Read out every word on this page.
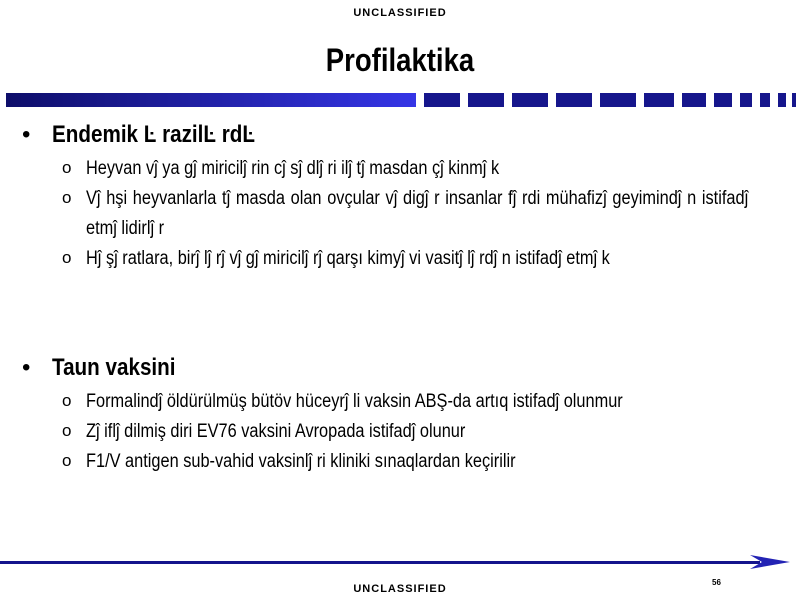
UNCLASSIFIED
Profilaktika
• Endemik Ŀ razilĿ rdĿ
o Heyvan vĵ ya gĵ miricilĵ rin cĵ sĵ dlĵ ri ilĵ tĵ masdan çĵ kinmĵ k
o Vĵ hşi heyvanlarla tĵ masda olan ovçular vĵ digĵ r insanlar fĵ rdi mühafizĵ geyimindĵ n istifadĵ etmĵ lidirlĵ r
o Hĵ şĵ ratlara, birĵ lĵ rĵ vĵ gĵ miricilĵ rĵ qarşı kimyĵ vi vasitĵ lĵ rdĵ n istifadĵ etmĵ k
• Taun vaksini
o Formalindĵ öldürülmüş bütöv hüceyrĵ li vaksin ABŞ-da artıq istifadĵ olunmur
o Zĵ iflĵ dilmiş diri EV76 vaksini Avropada istifadĵ olunur
o F1/V antigen sub-vahid vaksinlĵ ri kliniki sınaqlardan keçirilir
56
UNCLASSIFIED
